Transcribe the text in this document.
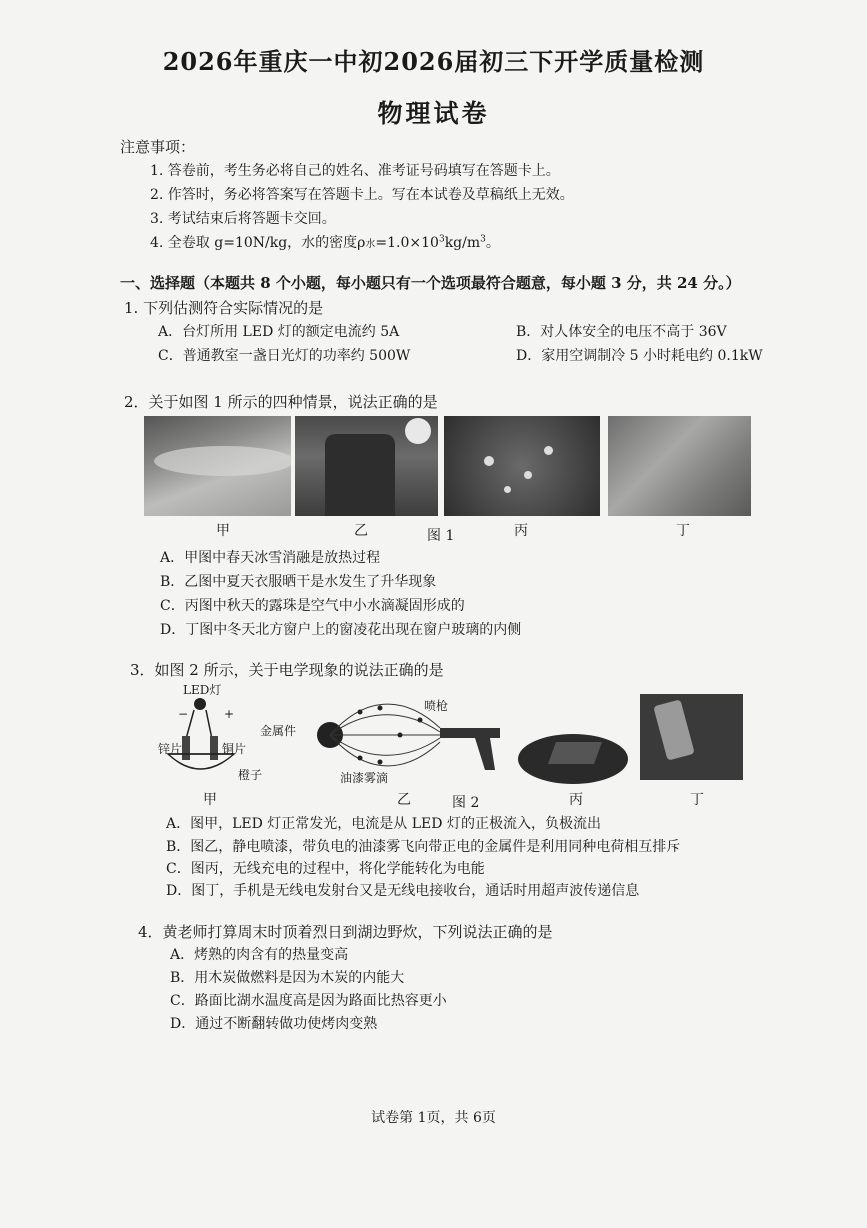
2026年重庆一中初2026届初三下开学质量检测
物理试卷
注意事项：
1. 答卷前，考生务必将自己的姓名、准考证号码填写在答题卡上。
2. 作答时，务必将答案写在答题卡上。写在本试卷及草稿纸上无效。
3. 考试结束后将答题卡交回。
4. 全卷取 g=10N/kg，水的密度ρ水$=1.0\times 10^3kg/m^3$。
一、选择题（本题共 8 个小题，每小题只有一个选项最符合题意，每小题 3 分，共 24 分。）
1. 下列估测符合实际情况的是
A．台灯所用 LED 灯的额定电流约 5A	B．对人体安全的电压不高于 36V
C．普通教室一盏日光灯的功率约 500W	D．家用空调制冷 5 小时耗电约 0.1kW
2．关于如图 1 所示的四种情景，说法正确的是
甲	乙	图 1	丙	丁
A．甲图中春天冰雪消融是放热过程
B．乙图中夏天衣服晒干是水发生了升华现象
C．丙图中秋天的露珠是空气中小水滴凝固形成的
D．丁图中冬天北方窗户上的窗凌花出现在窗户玻璃的内侧
3．如图 2 所示，关于电学现象的说法正确的是
LED灯
−	+
锌片	铜片
橙子
金属件
喷枪
油漆雾滴
甲	乙	图 2	丙	丁
A．图甲，LED 灯正常发光，电流是从 LED 灯的正极流入，负极流出
B．图乙，静电喷漆，带负电的油漆雾飞向带正电的金属件是利用同种电荷相互排斥
C．图丙，无线充电的过程中，将化学能转化为电能
D．图丁，手机是无线电发射台又是无线电接收台，通话时用超声波传递信息
4．黄老师打算周末时顶着烈日到湖边野炊，下列说法正确的是
A．烤熟的肉含有的热量变高
B．用木炭做燃料是因为木炭的内能大
C．路面比湖水温度高是因为路面比热容更小
D．通过不断翻转做功使烤肉变熟
试卷第 1页，共 6页
